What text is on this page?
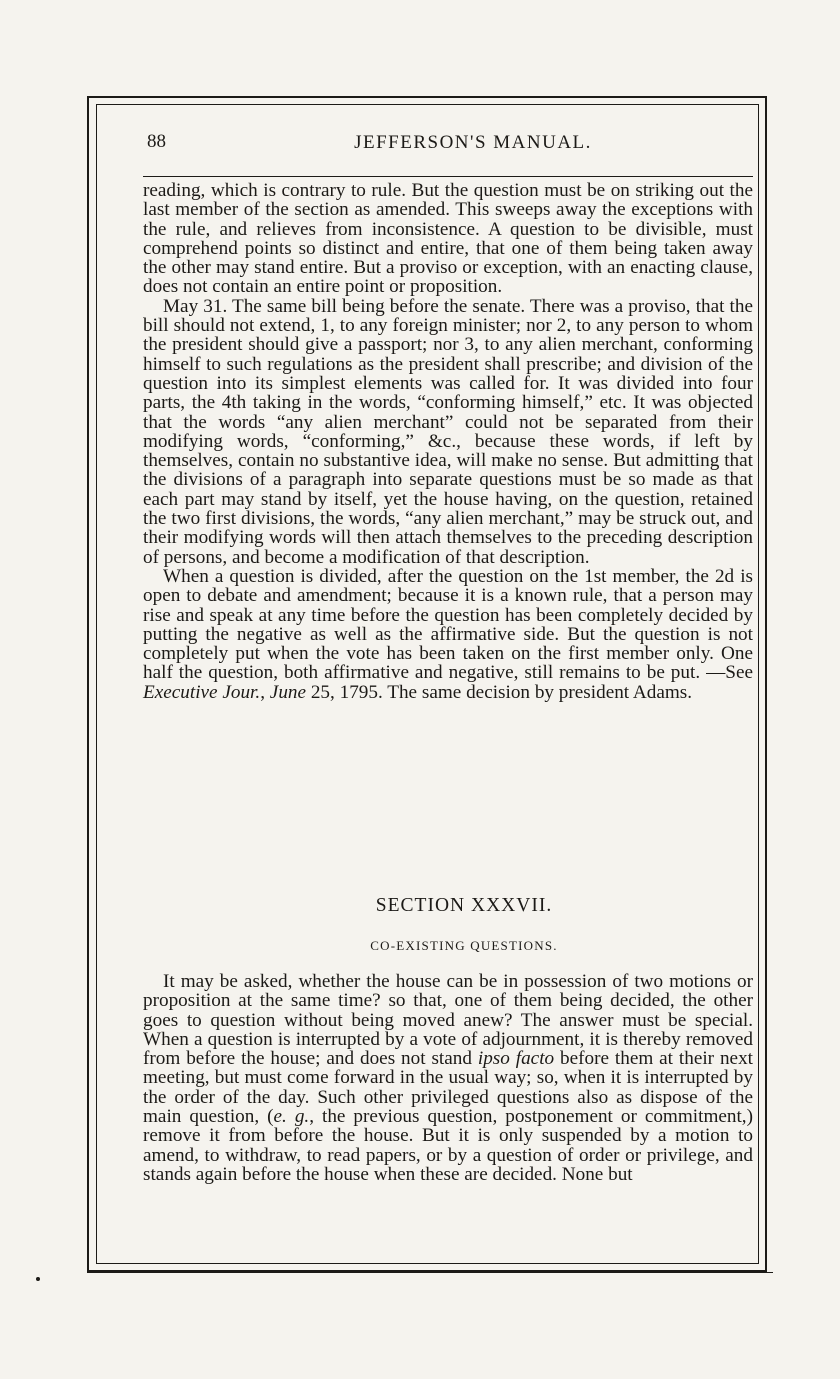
88	JEFFERSON'S MANUAL.

reading, which is contrary to rule. But the question must be on striking out the last member of the section as amended. This sweeps away the exceptions with the rule, and relieves from inconsistence. A question to be divisible, must comprehend points so distinct and entire, that one of them being taken away the other may stand entire. But a proviso or exception, with an enacting clause, does not contain an entire point or proposition.

May 31. The same bill being before the senate. There was a proviso, that the bill should not extend, 1, to any foreign minister; nor 2, to any person to whom the president should give a passport; nor 3, to any alien merchant, conforming himself to such regulations as the president shall prescribe; and division of the question into its simplest elements was called for. It was divided into four parts, the 4th taking in the words, “conforming himself,” etc. It was objected that the words “any alien merchant” could not be separated from their modifying words, “conforming,” &c., because these words, if left by themselves, contain no substantive idea, will make no sense. But admitting that the divisions of a paragraph into separate questions must be so made as that each part may stand by itself, yet the house having, on the question, retained the two first divisions, the words, “any alien merchant,” may be struck out, and their modifying words will then attach themselves to the preceding description of persons, and become a modification of that description.

When a question is divided, after the question on the 1st member, the 2d is open to debate and amendment; because it is a known rule, that a person may rise and speak at any time before the question has been completely decided by putting the negative as well as the affirmative side. But the question is not completely put when the vote has been taken on the first member only. One half the question, both affirmative and negative, still remains to be put. —See Executive Jour., June 25, 1795. The same decision by president Adams.

SECTION XXXVII.
CO-EXISTING QUESTIONS.

It may be asked, whether the house can be in possession of two motions or proposition at the same time? so that, one of them being decided, the other goes to question without being moved anew? The answer must be special. When a question is interrupted by a vote of adjournment, it is thereby removed from before the house; and does not stand ipso facto before them at their next meeting, but must come forward in the usual way; so, when it is interrupted by the order of the day. Such other privileged questions also as dispose of the main question, (e. g., the previous question, postponement or commitment,) remove it from before the house. But it is only suspended by a motion to amend, to withdraw, to read papers, or by a question of order or privilege, and stands again before the house when these are decided. None but
